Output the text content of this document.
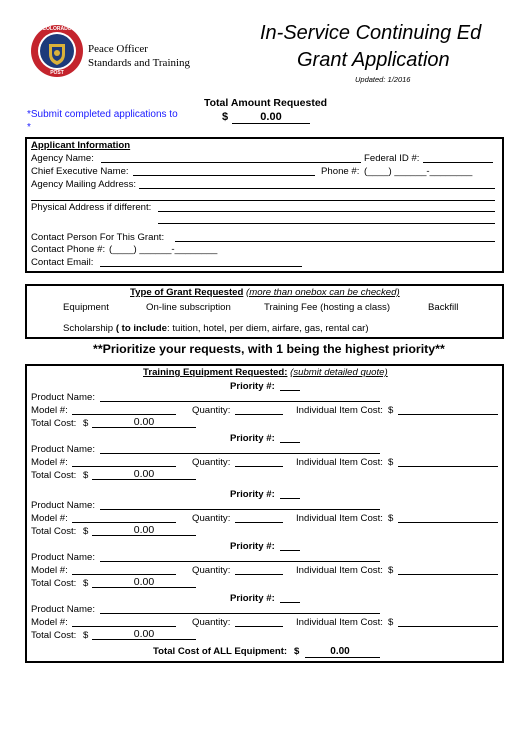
COLORADO
POST
Peace Officer
Standards and Training
In-Service Continuing Ed
Grant Application
Updated: 1/2016
*Submit completed applications to
*
Total Amount Requested
$	0.00
Applicant Information
Agency Name:	Federal ID #:
Chief Executive Name:	Phone #: (____) ______-________
Agency Mailing Address:
Physical Address if different:
Contact Person For This Grant:
Contact Phone #: (____) ______-________
Contact Email:
Type of Grant Requested (more than onebox can be checked)
Equipment	On-line subscription	Training Fee (hosting a class)	Backfill
Scholarship ( to include: tuition, hotel, per diem, airfare, gas, rental car)
**Prioritize your requests, with 1 being the highest priority**
Training Equipment Requested: (submit detailed quote)
Priority #:
Product Name:
Model #:	Quantity:	Individual Item Cost: $
Total Cost: $	0.00
Priority #:
Product Name:
Model #:	Quantity:	Individual Item Cost: $
Total Cost: $	0.00
Priority #:
Product Name:
Model #:	Quantity:	Individual Item Cost: $
Total Cost: $	0.00
Priority #:
Product Name:
Model #:	Quantity:	Individual Item Cost: $
Total Cost: $	0.00
Priority #:
Product Name:
Model #:	Quantity:	Individual Item Cost: $
Total Cost: $	0.00
Total Cost of ALL Equipment: $	0.00
